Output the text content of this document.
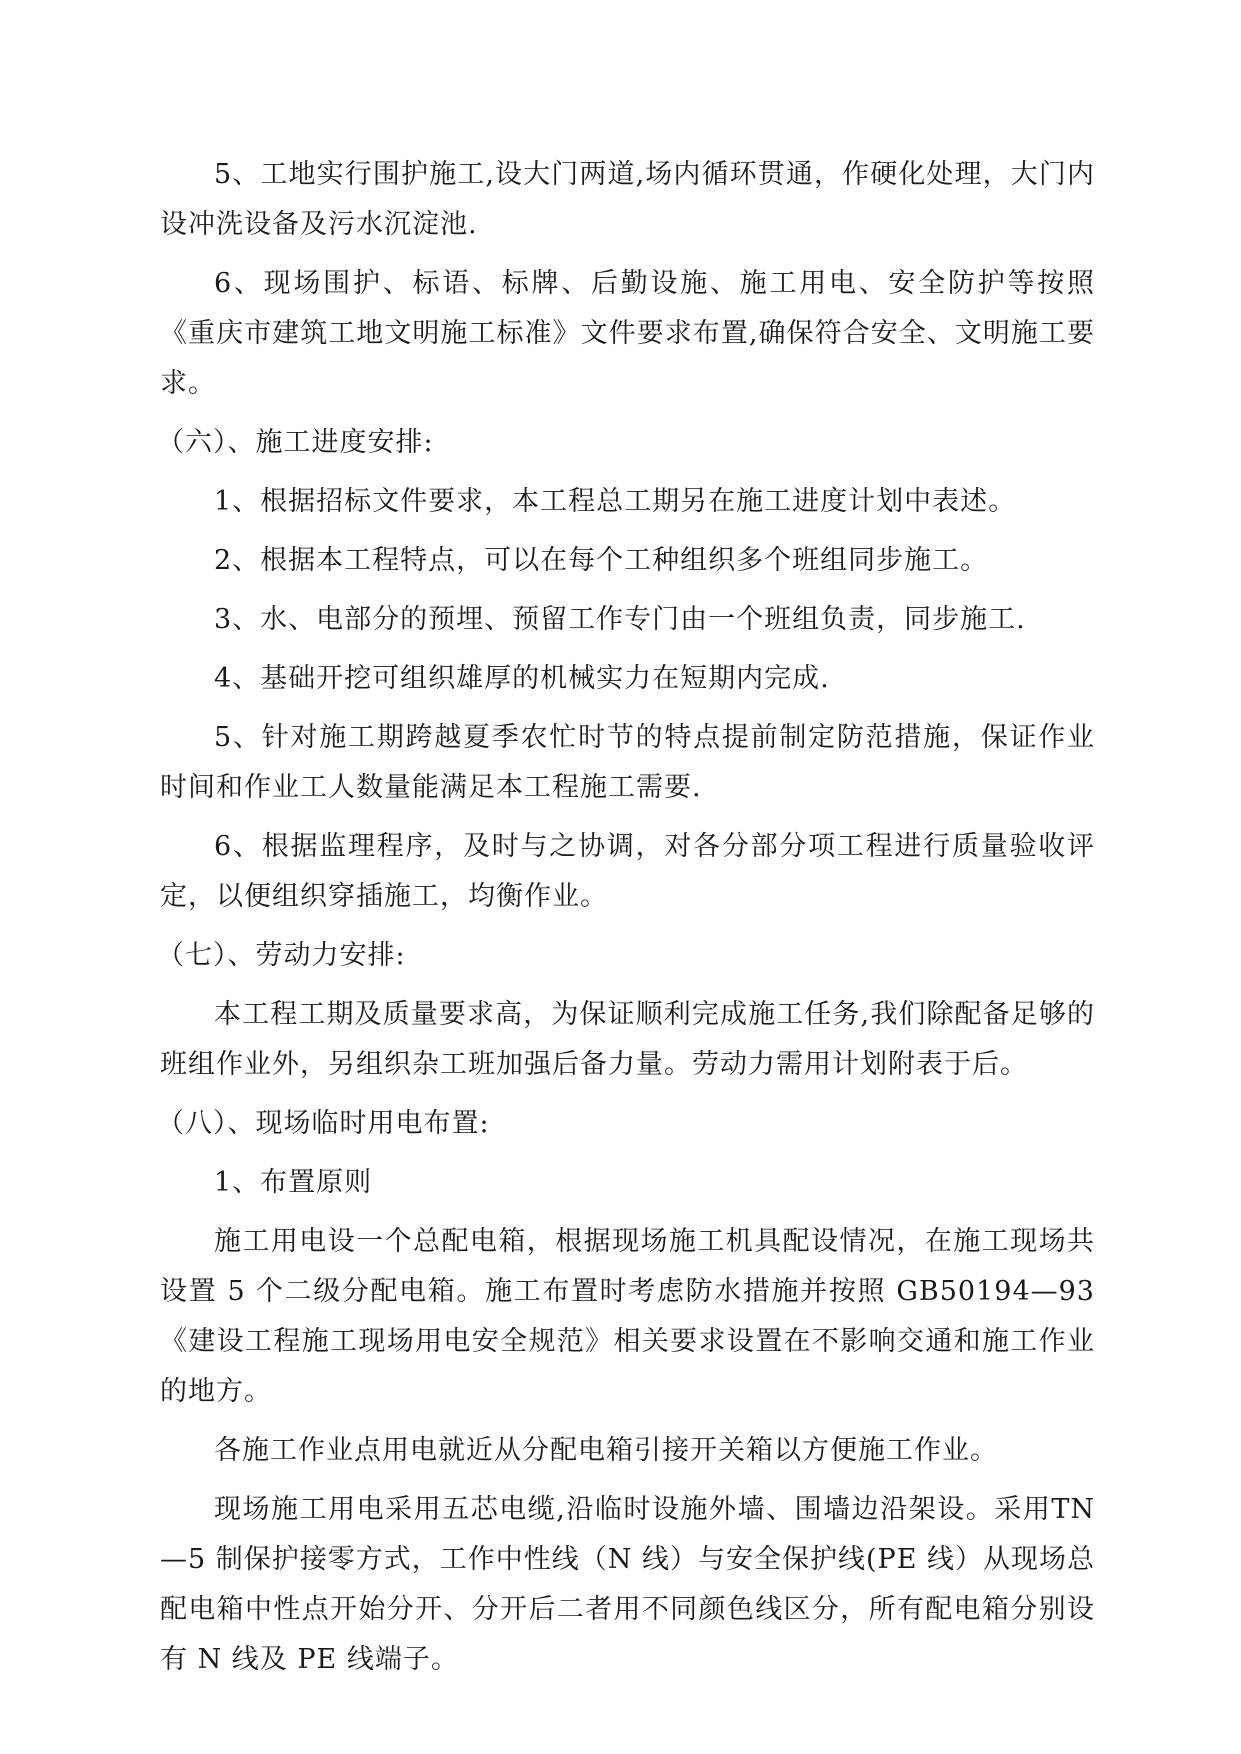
5、工地实行围护施工,设大门两道,场内循环贯通，作硬化处理，大门内设冲洗设备及污水沉淀池.

6、现场围护、标语、标牌、后勤设施、施工用电、安全防护等按照《重庆市建筑工地文明施工标准》文件要求布置,确保符合安全、文明施工要求。

（六）、施工进度安排:

1、根据招标文件要求，本工程总工期另在施工进度计划中表述。

2、根据本工程特点，可以在每个工种组织多个班组同步施工。

3、水、电部分的预埋、预留工作专门由一个班组负责，同步施工.

4、基础开挖可组织雄厚的机械实力在短期内完成.

5、针对施工期跨越夏季农忙时节的特点提前制定防范措施，保证作业时间和作业工人数量能满足本工程施工需要.

6、根据监理程序，及时与之协调，对各分部分项工程进行质量验收评定，以便组织穿插施工，均衡作业。

（七）、劳动力安排:

本工程工期及质量要求高，为保证顺利完成施工任务,我们除配备足够的班组作业外，另组织杂工班加强后备力量。劳动力需用计划附表于后。

（八）、现场临时用电布置:

1、布置原则

施工用电设一个总配电箱，根据现场施工机具配设情况，在施工现场共设置 5 个二级分配电箱。施工布置时考虑防水措施并按照 GB50194—93《建设工程施工现场用电安全规范》相关要求设置在不影响交通和施工作业的地方。

各施工作业点用电就近从分配电箱引接开关箱以方便施工作业。

现场施工用电采用五芯电缆,沿临时设施外墙、围墙边沿架设。采用TN—5 制保护接零方式，工作中性线（N 线）与安全保护线(PE 线）从现场总配电箱中性点开始分开、分开后二者用不同颜色线区分，所有配电箱分别设有 N 线及 PE 线端子。
